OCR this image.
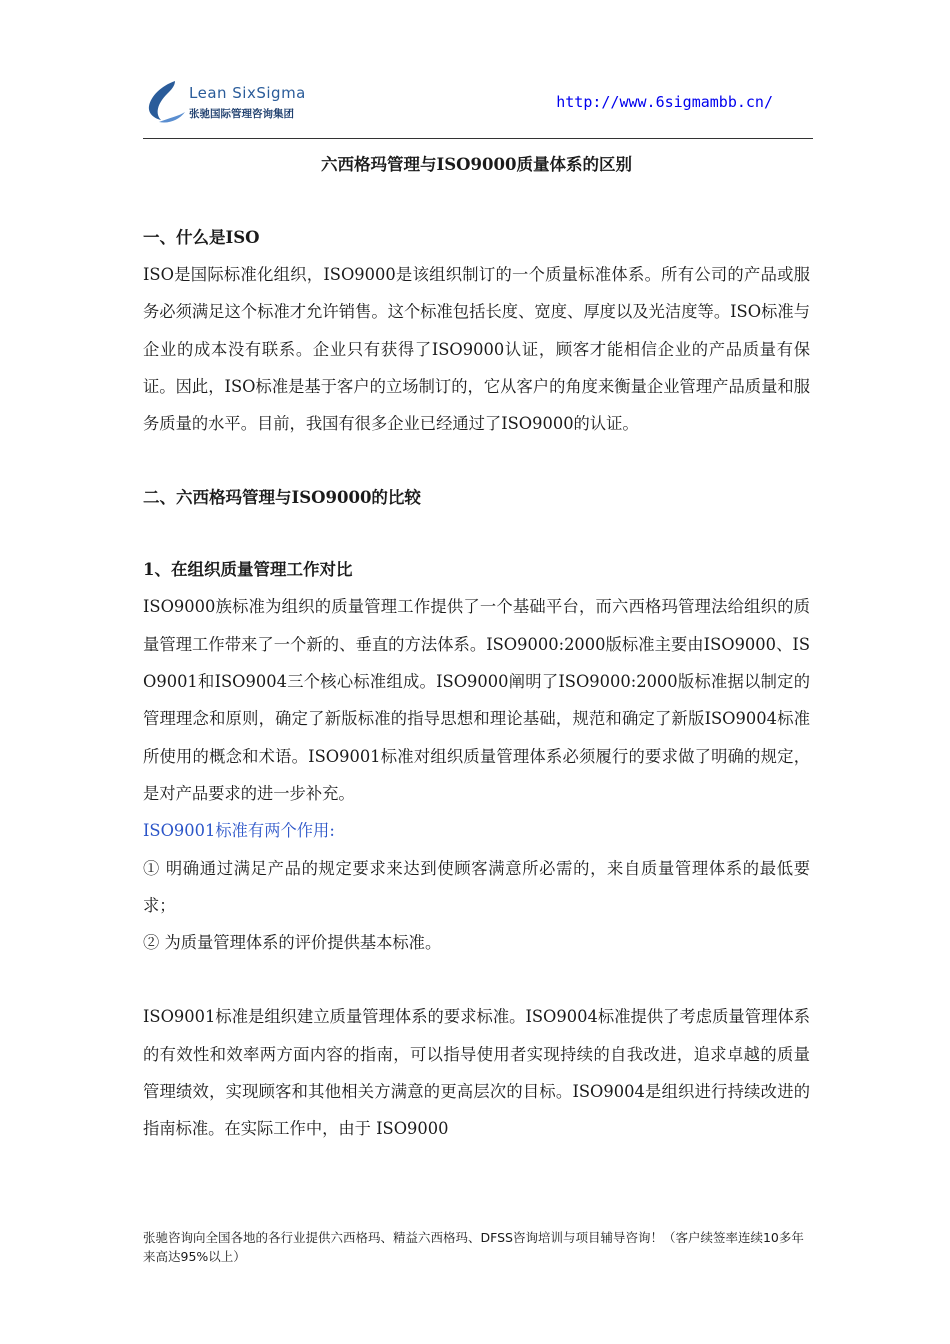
Lean SixSigma
张驰国际管理咨询集团
http://www.6sigmambb.cn/
六西格玛管理与ISO9000质量体系的区别
一、什么是ISO

ISO是国际标准化组织，ISO9000是该组织制订的一个质量标准体系。所有公司的产品或服务必须满足这个标准才允许销售。这个标准包括长度、宽度、厚度以及光洁度等。ISO标准与企业的成本没有联系。企业只有获得了ISO9000认证，顾客才能相信企业的产品质量有保证。因此，ISO标准是基于客户的立场制订的，它从客户的角度来衡量企业管理产品质量和服务质量的水平。目前，我国有很多企业已经通过了ISO9000的认证。

二、六西格玛管理与ISO9000的比较
1、在组织质量管理工作对比

ISO9000族标准为组织的质量管理工作提供了一个基础平台，而六西格玛管理法给组织的质量管理工作带来了一个新的、垂直的方法体系。ISO9000:2000版标准主要由ISO9000、ISO9001和ISO9004三个核心标准组成。ISO9000阐明了ISO9000:2000版标准据以制定的管理理念和原则，确定了新版标准的指导思想和理论基础，规范和确定了新版ISO9004标准所使用的概念和术语。ISO9001标准对组织质量管理体系必须履行的要求做了明确的规定，是对产品要求的进一步补充。

ISO9001标准有两个作用:

① 明确通过满足产品的规定要求来达到使顾客满意所必需的，来自质量管理体系的最低要求；

② 为质量管理体系的评价提供基本标准。

ISO9001标准是组织建立质量管理体系的要求标准。ISO9004标准提供了考虑质量管理体系的有效性和效率两方面内容的指南，可以指导使用者实现持续的自我改进，追求卓越的质量管理绩效，实现顾客和其他相关方满意的更高层次的目标。ISO9004是组织进行持续改进的指南标准。在实际工作中，由于 ISO9000

张驰咨询向全国各地的各行业提供六西格玛、精益六西格玛、DFSS咨询培训与项目辅导咨询！（客户续签率连续10多年来高达95%以上）
